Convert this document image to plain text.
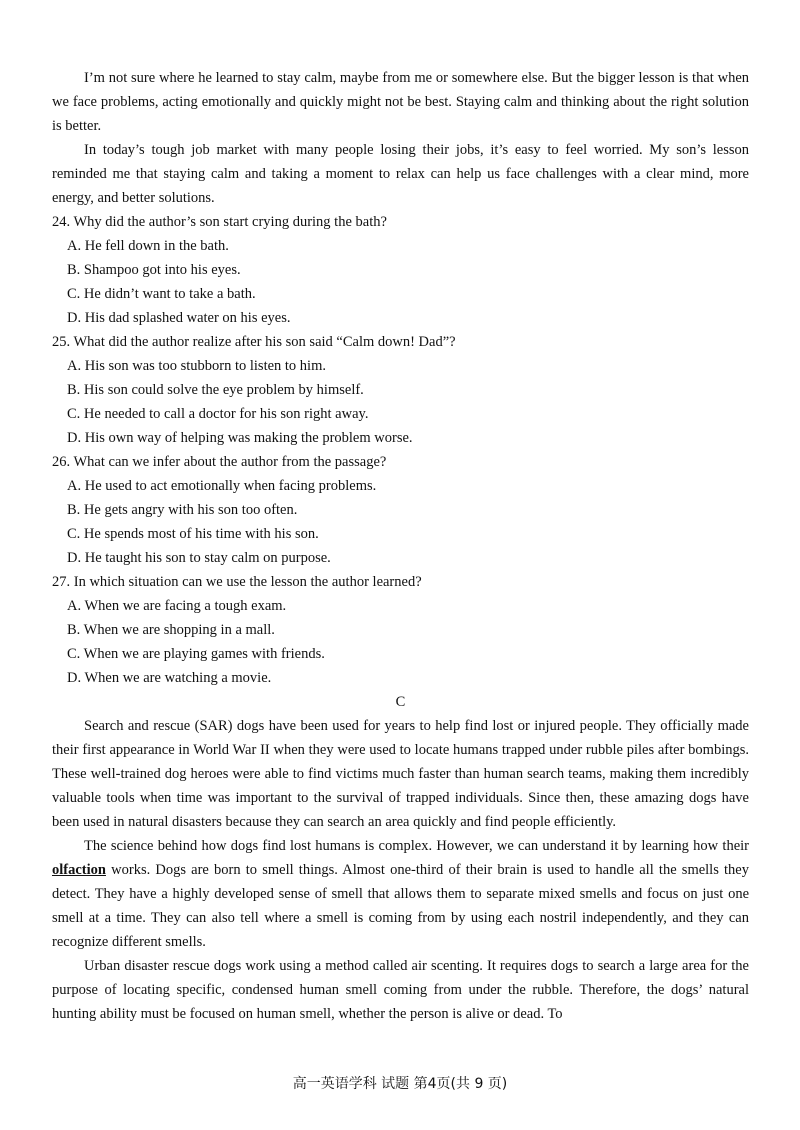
I’m not sure where he learned to stay calm, maybe from me or somewhere else. But the bigger lesson is that when we face problems, acting emotionally and quickly might not be best. Staying calm and thinking about the right solution is better.

In today’s tough job market with many people losing their jobs, it’s easy to feel worried. My son’s lesson reminded me that staying calm and taking a moment to relax can help us face challenges with a clear mind, more energy, and better solutions.

24. Why did the author’s son start crying during the bath?

A. He fell down in the bath.

B. Shampoo got into his eyes.

C. He didn’t want to take a bath.

D. His dad splashed water on his eyes.

25. What did the author realize after his son said “Calm down! Dad”?

A. His son was too stubborn to listen to him.

B. His son could solve the eye problem by himself.

C. He needed to call a doctor for his son right away.

D. His own way of helping was making the problem worse.

26. What can we infer about the author from the passage?

A. He used to act emotionally when facing problems.

B. He gets angry with his son too often.

C. He spends most of his time with his son.

D. He taught his son to stay calm on purpose.

27. In which situation can we use the lesson the author learned?

A. When we are facing a tough exam.

B. When we are shopping in a mall.

C. When we are playing games with friends.

D. When we are watching a movie.

C

Search and rescue (SAR) dogs have been used for years to help find lost or injured people. They officially made their first appearance in World War II when they were used to locate humans trapped under rubble piles after bombings. These well-trained dog heroes were able to find victims much faster than human search teams, making them incredibly valuable tools when time was important to the survival of trapped individuals. Since then, these amazing dogs have been used in natural disasters because they can search an area quickly and find people efficiently.

The science behind how dogs find lost humans is complex. However, we can understand it by learning how their olfaction works. Dogs are born to smell things. Almost one-third of their brain is used to handle all the smells they detect. They have a highly developed sense of smell that allows them to separate mixed smells and focus on just one smell at a time. They can also tell where a smell is coming from by using each nostril independently, and they can recognize different smells.

Urban disaster rescue dogs work using a method called air scenting. It requires dogs to search a large area for the purpose of locating specific, condensed human smell coming from under the rubble. Therefore, the dogs’ natural hunting ability must be focused on human smell, whether the person is alive or dead. To

高一英语学科 试题 第4页(共 9 页)
